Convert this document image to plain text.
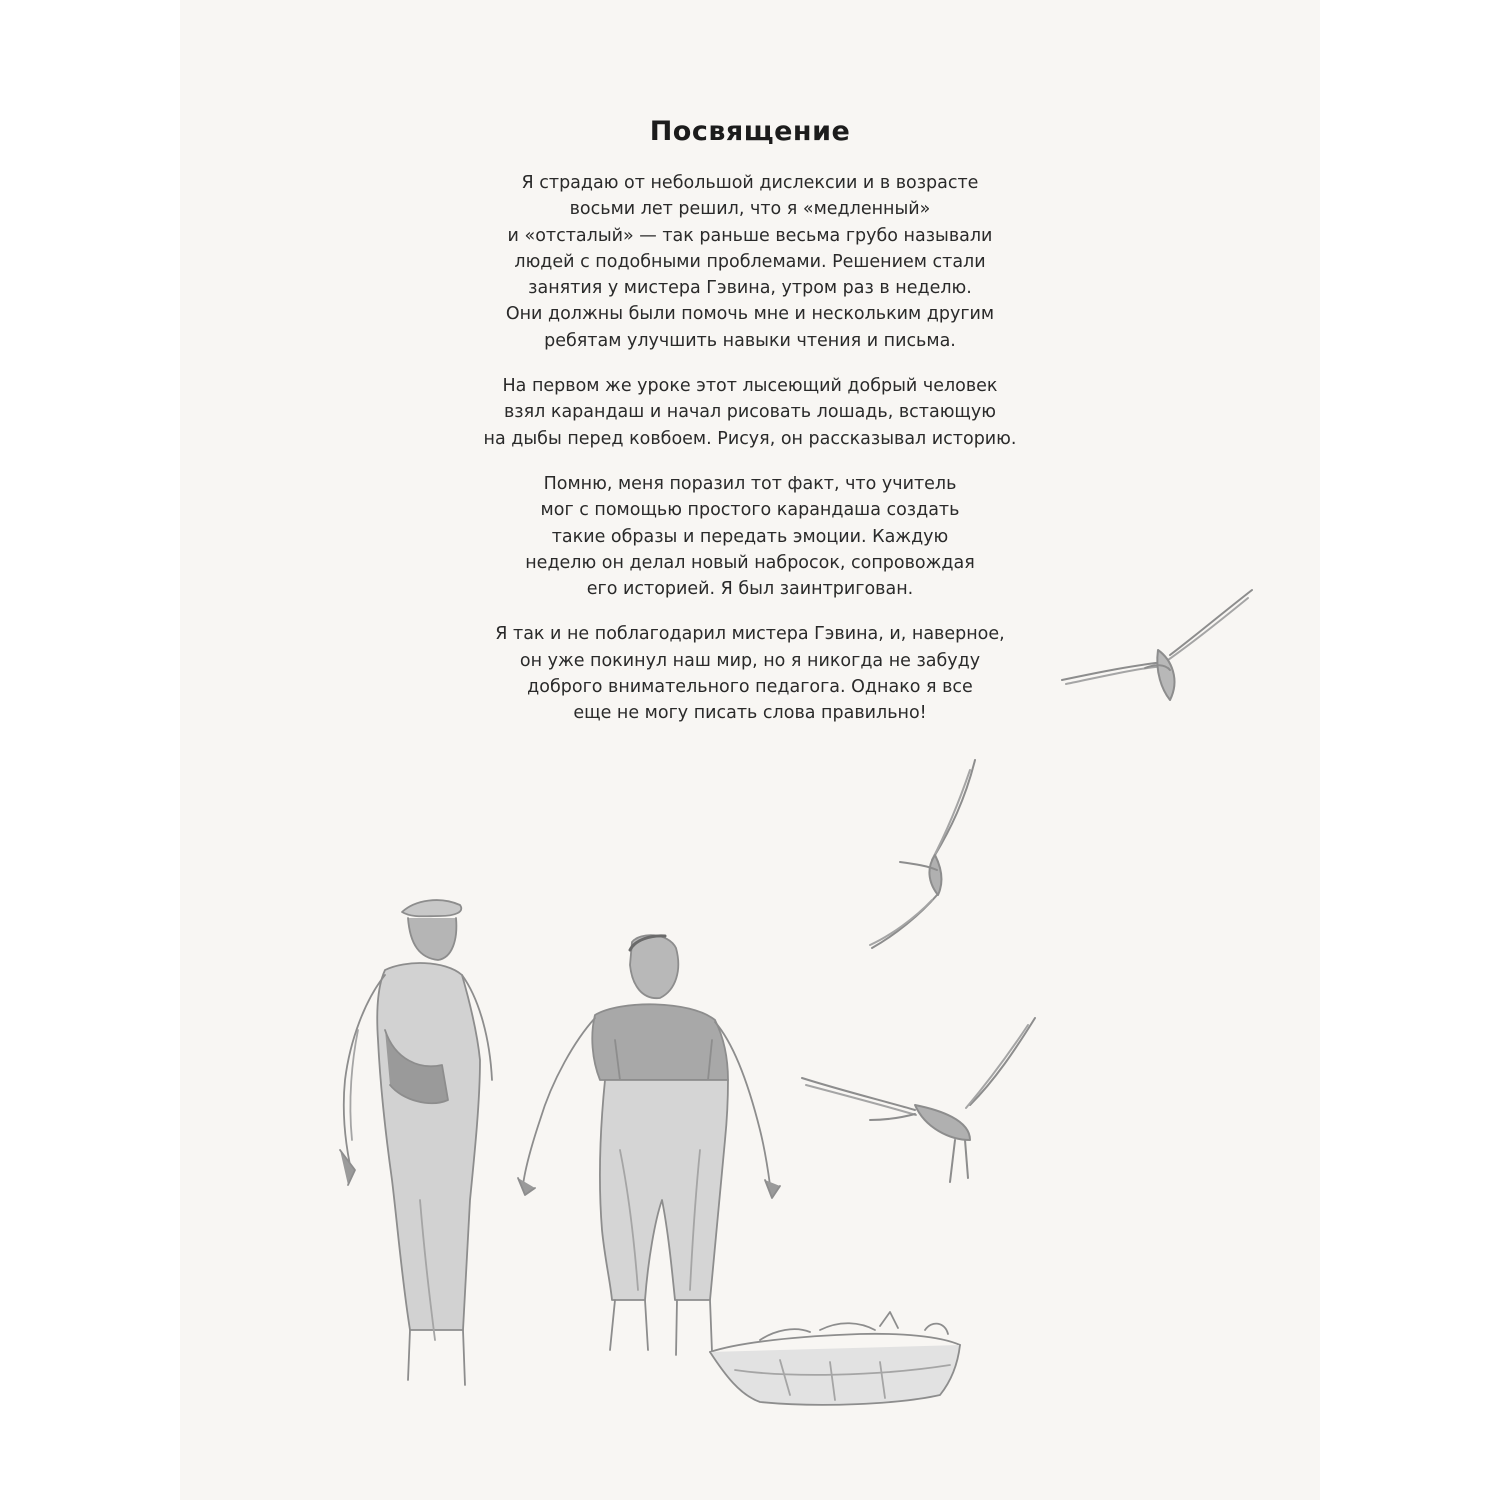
Посвящение
Я страдаю от небольшой дислексии и в возрасте
восьми лет решил, что я «медленный»
и «отсталый» — так раньше весьма грубо называли
людей с подобными проблемами. Решением стали
занятия у мистера Гэвина, утром раз в неделю.
Они должны были помочь мне и нескольким другим
ребятам улучшить навыки чтения и письма.
На первом же уроке этот лысеющий добрый человек
взял карандаш и начал рисовать лошадь, встающую
на дыбы перед ковбоем. Рисуя, он рассказывал историю.
Помню, меня поразил тот факт, что учитель
мог с помощью простого карандаша создать
такие образы и передать эмоции. Каждую
неделю он делал новый набросок, сопровождая
его историей. Я был заинтригован.
Я так и не поблагодарил мистера Гэвина, и, наверное,
он уже покинул наш мир, но я никогда не забуду
доброго внимательного педагога. Однако я все
еще не могу писать слова правильно!
